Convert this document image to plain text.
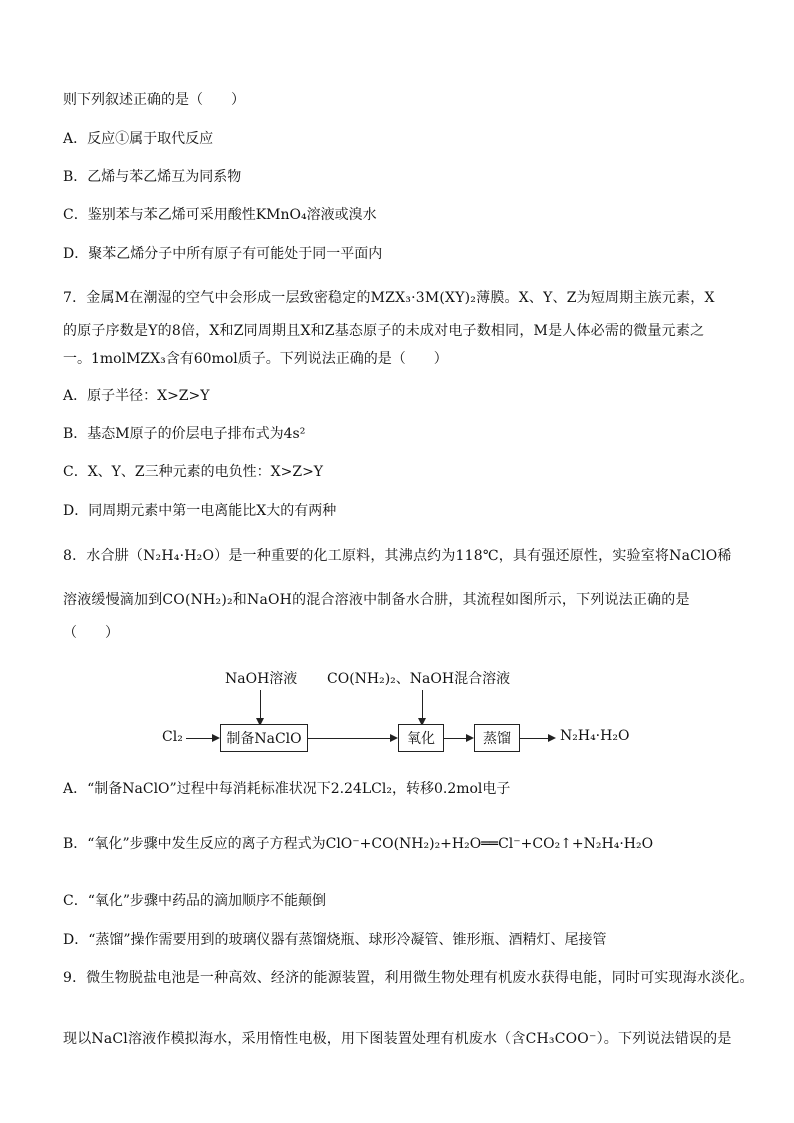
则下列叙述正确的是（　　）
A．反应①属于取代反应
B．乙烯与苯乙烯互为同系物
C．鉴别苯与苯乙烯可采用酸性KMnO₄溶液或溴水
D．聚苯乙烯分子中所有原子有可能处于同一平面内
7．金属M在潮湿的空气中会形成一层致密稳定的MZX₃·3M(XY)₂薄膜。X、Y、Z为短周期主族元素，X
的原子序数是Y的8倍，X和Z同周期且X和Z基态原子的未成对电子数相同，M是人体必需的微量元素之
一。1molMZX₃含有60mol质子。下列说法正确的是（　　）
A．原子半径：X>Z>Y
B．基态M原子的价层电子排布式为4s²
C．X、Y、Z三种元素的电负性：X>Z>Y
D．同周期元素中第一电离能比X大的有两种
8．水合肼（N₂H₄·H₂O）是一种重要的化工原料，其沸点约为118℃，具有强还原性，实验室将NaClO稀
溶液缓慢滴加到CO(NH₂)₂和NaOH的混合溶液中制备水合肼，其流程如图所示，下列说法正确的是
（　　）
NaOH溶液 CO(NH₂)₂、NaOH混合溶液
Cl₂	制备NaClO	氧化	蒸馏	N₂H₄·H₂O
A．“制备NaClO”过程中每消耗标准状况下2.24LCl₂，转移0.2mol电子
B．“氧化”步骤中发生反应的离子方程式为ClO⁻+CO(NH₂)₂+H₂O══Cl⁻+CO₂↑+N₂H₄·H₂O
C．“氧化”步骤中药品的滴加顺序不能颠倒
D．“蒸馏”操作需要用到的玻璃仪器有蒸馏烧瓶、球形冷凝管、锥形瓶、酒精灯、尾接管
9．微生物脱盐电池是一种高效、经济的能源装置，利用微生物处理有机废水获得电能，同时可实现海水淡化。
现以NaCl溶液作模拟海水，采用惰性电极，用下图装置处理有机废水（含CH₃COO⁻）。下列说法错误的是
